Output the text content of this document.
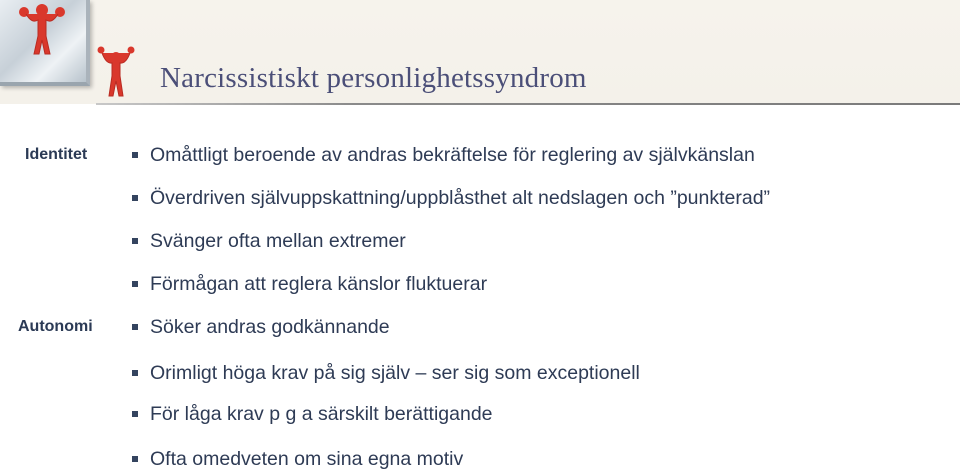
Narcissistiskt personlighetssyndrom
Identitet
Autonomi
Omåttligt beroende av andras bekräftelse för reglering av självkänslan
Överdriven självuppskattning/uppblåsthet alt nedslagen och ”punkterad”
Svänger ofta mellan extremer
Förmågan att reglera känslor fluktuerar
Söker andras godkännande
Orimligt höga krav på sig själv – ser sig som exceptionell
För låga krav p g a särskilt berättigande
Ofta omedveten om sina egna motiv
